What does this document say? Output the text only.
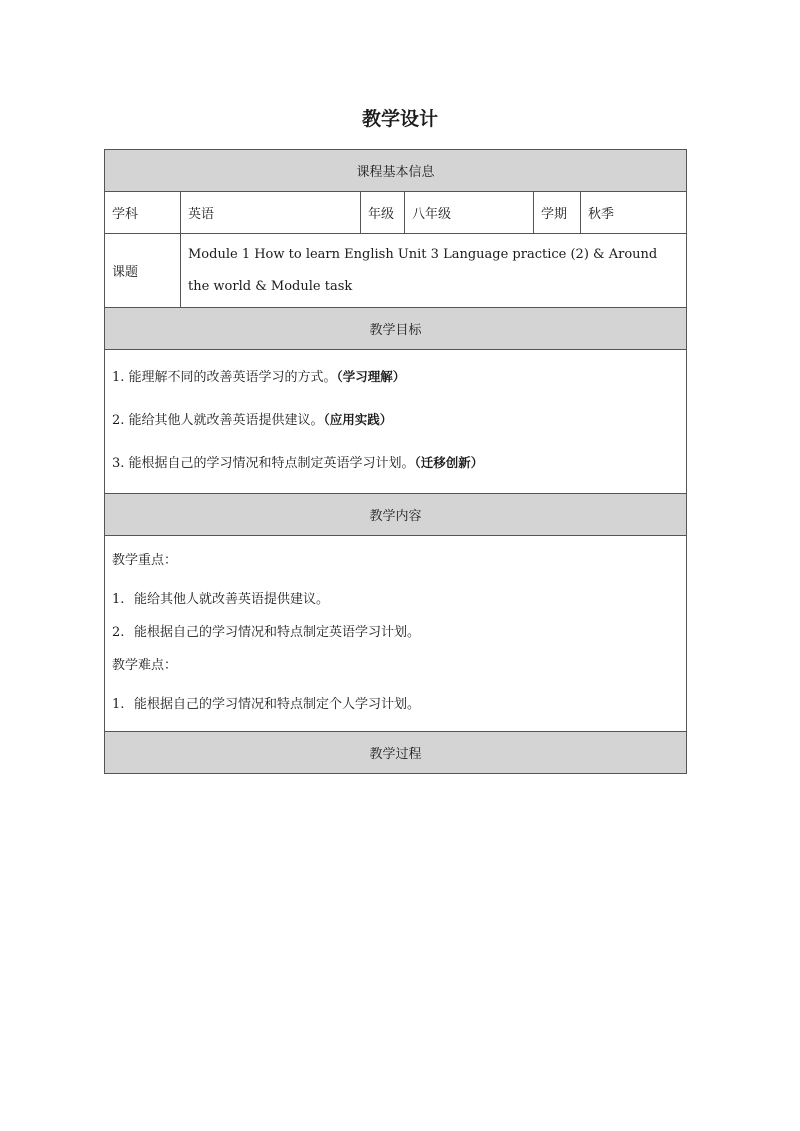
教学设计
课程基本信息					
学科	英语	年级	八年级	学期	秋季
课题	Module 1 How to learn English Unit 3 Language practice (2) & Around the world & Module task				
教学目标					

1. 能理解不同的改善英语学习的方式。（学习理解）

2. 能给其他人就改善英语提供建议。（应用实践）

3. 能根据自己的学习情况和特点制定英语学习计划。（迁移创新）					

教学内容					

教学重点：

1. 能给其他人就改善英语提供建议。

2. 能根据自己的学习情况和特点制定英语学习计划。

教学难点：

1. 能根据自己的学习情况和特点制定个人学习计划。					

教学过程					
